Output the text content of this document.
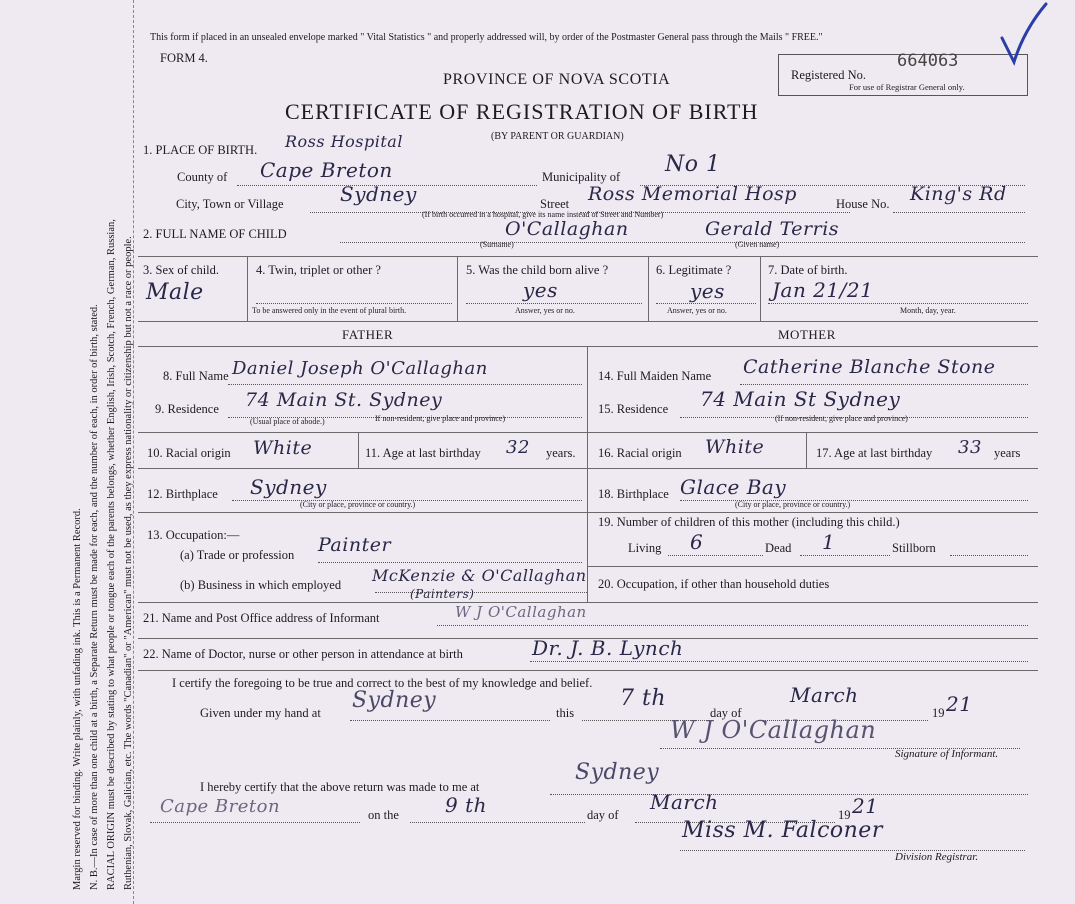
Margin reserved for binding. Write plainly, with unfading ink. This is a Permanent Record. N. B.—In case of more than one child at a birth, a Separate Return must be made for each, and the number of each, in order of birth, stated. RACIAL ORIGIN must be described by stating to what people or tongue each of the parents belongs, whether English, Irish, Scotch, French, German, Russian, Ruthenian, Slovak, Galician, etc. The words "Canadian" or "American" must not be used, as they express nationality or citizenship but not a race or people.
This form if placed in an unsealed envelope marked " Vital Statistics " and properly addressed will, by order of the Postmaster General pass through the Mails " FREE."
FORM 4.
PROVINCE OF NOVA SCOTIA
CERTIFICATE OF REGISTRATION OF BIRTH
(BY PARENT OR GUARDIAN)
Registered No.
664063
For use of Registrar General only.
1. PLACE OF BIRTH. Ross Hospital
County of Cape Breton	Municipality of No 1
City, Town or Village	Sydney	Street Ross Memorial Hosp	House No. King's Rd
(If birth occurred in a hospital, give its name instead of Street and Number)
2. FULL NAME OF CHILD	O'Callaghan	Gerald Terris
(Surname)	(Given name)
3. Sex of child.
Male
4. Twin, triplet or other ?
To be answered only in the event of plural birth.
5. Was the child born alive ?
yes
Answer, yes or no.
6. Legitimate ?
yes
Answer, yes or no.
7. Date of birth.
Jan 21/21
Month, day, year.
FATHER	MOTHER
8. Full Name Daniel Joseph O'Callaghan
9. Residence 74 Main St. Sydney
(Usual place of abode.)	If non-resident, give place and province)
10. Racial origin White	11. Age at last birthday 32 years.
12. Birthplace Sydney
(City or place, province or country.)
13. Occupation:—
(a) Trade or profession Painter
(b) Business in which employed McKenzie & O'Callaghan
(Painters)
14. Full Maiden Name Catherine Blanche Stone
15. Residence 74 Main St Sydney
(If non-resident, give place and province)
16. Racial origin White	17. Age at last birthday 33 years
18. Birthplace Glace Bay
(City or place, province or country.)
19. Number of children of this mother (including this child.)
Living 6	Dead 1	Stillborn
20. Occupation, if other than household duties
21. Name and Post Office address of Informant	W J O'Callaghan
22. Name of Doctor, nurse or other person in attendance at birth	Dr. J. B. Lynch
I certify the foregoing to be true and correct to the best of my knowledge and belief.
Given under my hand at Sydney	this
7 th
day of
March
19 21
W J O'Callaghan
Signature of Informant.
I hereby certify that the above return was made to me at
Sydney
Cape Breton	on the 9 th	day of
March
19 21
Miss M. Falconer
Division Registrar.
